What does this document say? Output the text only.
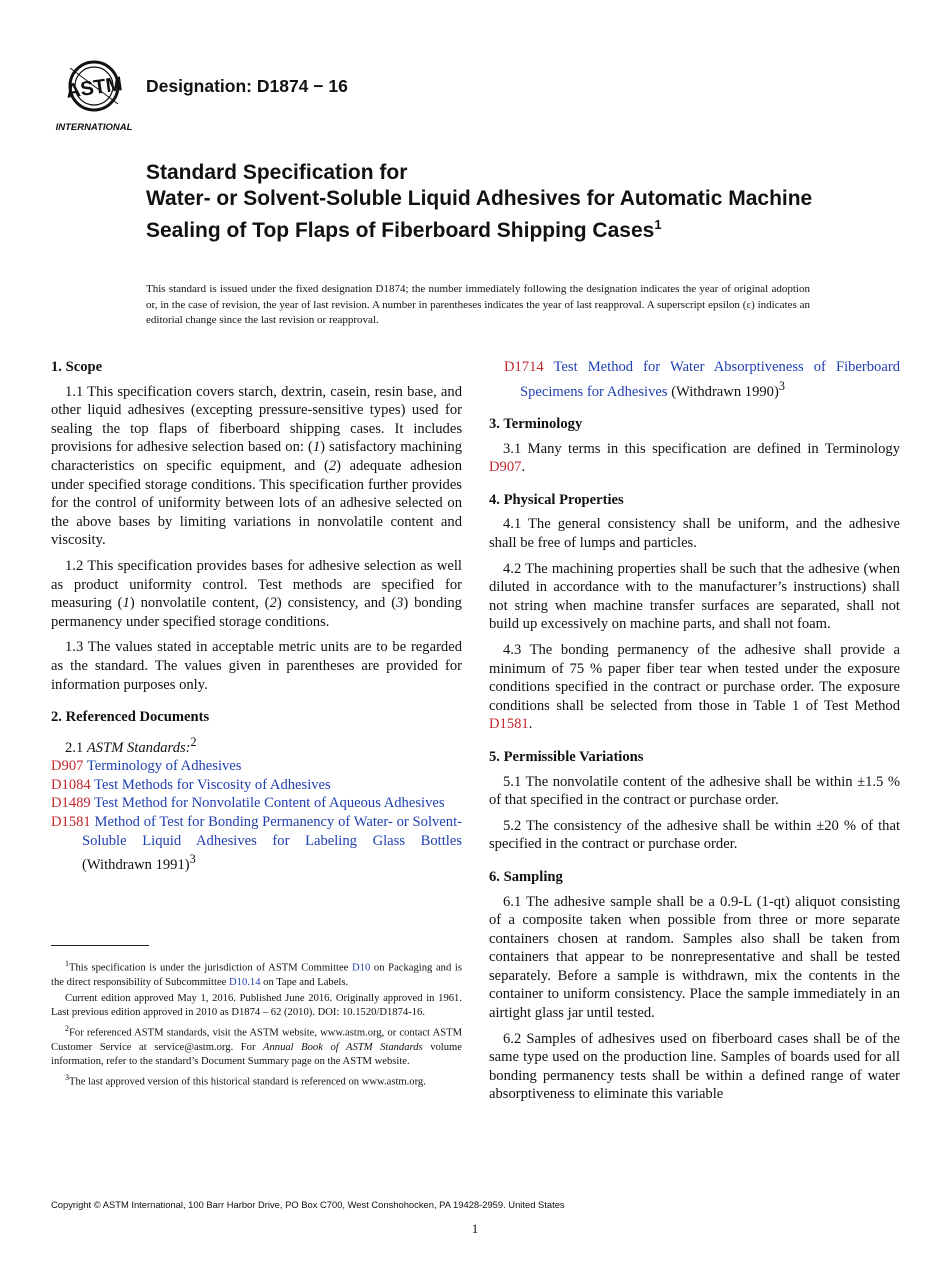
ASTM
INTERNATIONAL
Designation: D1874 − 16
Standard Specification for
Water- or Solvent-Soluble Liquid Adhesives for Automatic Machine Sealing of Top Flaps of Fiberboard Shipping Cases$^1$
This standard is issued under the fixed designation D1874; the number immediately following the designation indicates the year of original adoption or, in the case of revision, the year of last revision. A number in parentheses indicates the year of last reapproval. A superscript epsilon (ε) indicates an editorial change since the last revision or reapproval.
1. Scope

1.1 This specification covers starch, dextrin, casein, resin base, and other liquid adhesives (excepting pressure-sensitive types) used for sealing the top flaps of fiberboard shipping cases. It includes provisions for adhesive selection based on: (1) satisfactory machining characteristics on specific equipment, and (2) adequate adhesion under specified storage conditions. This specification further provides for the control of uniformity between lots of an adhesive selected on the above bases by limiting variations in nonvolatile content and viscosity.

1.2 This specification provides bases for adhesive selection as well as product uniformity control. Test methods are specified for measuring (1) nonvolatile content, (2) consistency, and (3) bonding permanency under specified storage conditions.

1.3 The values stated in acceptable metric units are to be regarded as the standard. The values given in parentheses are provided for information purposes only.

2. Referenced Documents
2.1 ASTM Standards:$^2$
D907 Terminology of Adhesives
D1084 Test Methods for Viscosity of Adhesives
D1489 Test Method for Nonvolatile Content of Aqueous Adhesives
D1581 Method of Test for Bonding Permanency of Water- or Solvent-Soluble Liquid Adhesives for Labeling Glass Bottles (Withdrawn 1991)$^3$

$^1$This specification is under the jurisdiction of ASTM Committee D10 on Packaging and is the direct responsibility of Subcommittee D10.14 on Tape and Labels.

Current edition approved May 1, 2016. Published June 2016. Originally approved in 1961. Last previous edition approved in 2010 as D1874 – 62 (2010). DOI: 10.1520/D1874-16.

$^2$For referenced ASTM standards, visit the ASTM website, www.astm.org, or contact ASTM Customer Service at service@astm.org. For Annual Book of ASTM Standards volume information, refer to the standard’s Document Summary page on the ASTM website.

$^3$The last approved version of this historical standard is referenced on www.astm.org.

D1714 Test Method for Water Absorptiveness of Fiberboard Specimens for Adhesives (Withdrawn 1990)$^3$
3. Terminology

3.1 Many terms in this specification are defined in Terminology D907.

4. Physical Properties

4.1 The general consistency shall be uniform, and the adhesive shall be free of lumps and particles.

4.2 The machining properties shall be such that the adhesive (when diluted in accordance with to the manufacturer’s instructions) shall not string when machine transfer surfaces are separated, shall not build up excessively on machine parts, and shall not foam.

4.3 The bonding permanency of the adhesive shall provide a minimum of 75 % paper fiber tear when tested under the exposure conditions specified in the contract or purchase order. The exposure conditions shall be selected from those in Table 1 of Test Method D1581.

5. Permissible Variations

5.1 The nonvolatile content of the adhesive shall be within ±1.5 % of that specified in the contract or purchase order.

5.2 The consistency of the adhesive shall be within ±20 % of that specified in the contract or purchase order.

6. Sampling

6.1 The adhesive sample shall be a 0.9-L (1-qt) aliquot consisting of a composite taken when possible from three or more separate containers chosen at random. Samples also shall be taken from containers that appear to be nonrepresentative and shall be tested separately. Before a sample is withdrawn, mix the contents in the container to uniform consistency. Place the sample immediately in an airtight glass jar until tested.

6.2 Samples of adhesives used on fiberboard cases shall be of the same type used on the production line. Samples of boards used for all bonding permanency tests shall be within a defined range of water absorptiveness to eliminate this variable

Copyright © ASTM International, 100 Barr Harbor Drive, PO Box C700, West Conshohocken, PA 19428-2959. United States
1
